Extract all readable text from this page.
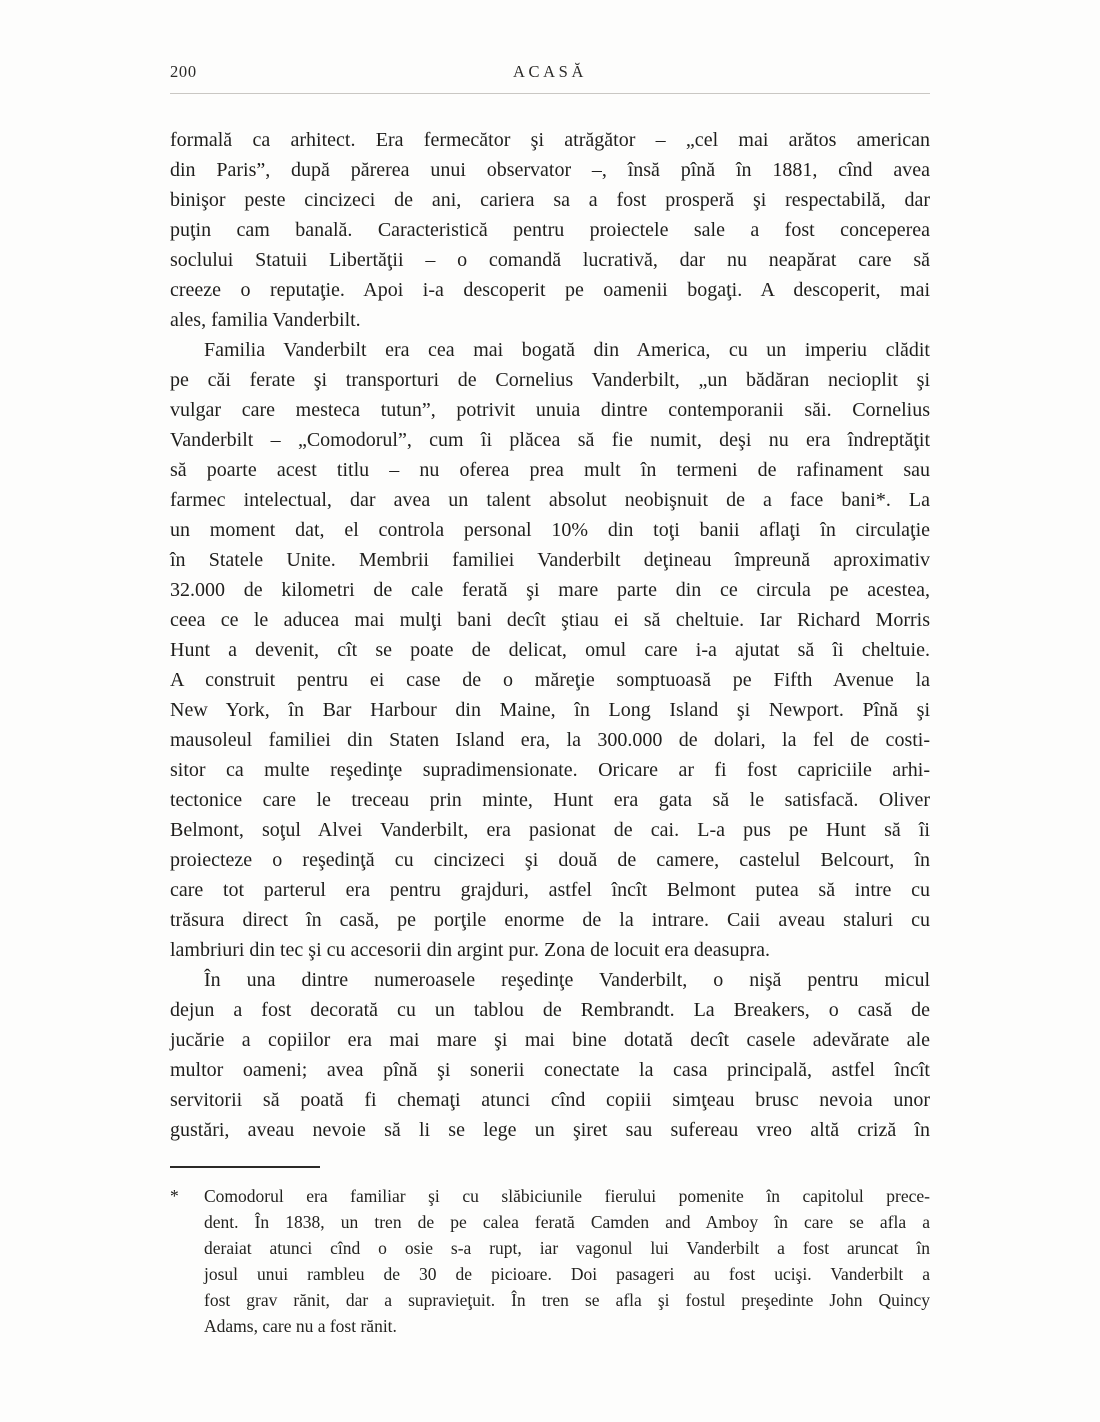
200	ACASĂ
formală ca arhitect. Era fermecător şi atrăgător – „cel mai arătos american
din Paris”, după părerea unui observator –, însă pînă în 1881, cînd avea
binişor peste cincizeci de ani, cariera sa a fost prosperă şi respectabilă, dar
puţin cam banală. Caracteristică pentru proiectele sale a fost conceperea
soclului Statuii Libertăţii – o comandă lucrativă, dar nu neapărat care să
creeze o reputaţie. Apoi i-a descoperit pe oamenii bogaţi. A descoperit, mai
ales, familia Vanderbilt.
Familia Vanderbilt era cea mai bogată din America, cu un imperiu clădit
pe căi ferate şi transporturi de Cornelius Vanderbilt, „un bădăran necioplit şi
vulgar care mesteca tutun”, potrivit unuia dintre contemporanii săi. Cornelius
Vanderbilt – „Comodorul”, cum îi plăcea să fie numit, deşi nu era îndreptăţit
să poarte acest titlu – nu oferea prea mult în termeni de rafinament sau
farmec intelectual, dar avea un talent absolut neobişnuit de a face bani*. La
un moment dat, el controla personal 10% din toţi banii aflaţi în circulaţie
în Statele Unite. Membrii familiei Vanderbilt deţineau împreună aproximativ
32.000 de kilometri de cale ferată şi mare parte din ce circula pe acestea,
ceea ce le aducea mai mulţi bani decît ştiau ei să cheltuie. Iar Richard Morris
Hunt a devenit, cît se poate de delicat, omul care i-a ajutat să îi cheltuie.
A construit pentru ei case de o măreţie somptuoasă pe Fifth Avenue la
New York, în Bar Harbour din Maine, în Long Island şi Newport. Pînă şi
mausoleul familiei din Staten Island era, la 300.000 de dolari, la fel de costi-
sitor ca multe reşedinţe supradimensionate. Oricare ar fi fost capriciile arhi-
tectonice care le treceau prin minte, Hunt era gata să le satisfacă. Oliver
Belmont, soţul Alvei Vanderbilt, era pasionat de cai. L-a pus pe Hunt să îi
proiecteze o reşedinţă cu cincizeci şi două de camere, castelul Belcourt, în
care tot parterul era pentru grajduri, astfel încît Belmont putea să intre cu
trăsura direct în casă, pe porţile enorme de la intrare. Caii aveau staluri cu
lambriuri din tec şi cu accesorii din argint pur. Zona de locuit era deasupra.
În una dintre numeroasele reşedinţe Vanderbilt, o nişă pentru micul
dejun a fost decorată cu un tablou de Rembrandt. La Breakers, o casă de
jucărie a copiilor era mai mare şi mai bine dotată decît casele adevărate ale
multor oameni; avea pînă şi sonerii conectate la casa principală, astfel încît
servitorii să poată fi chemaţi atunci cînd copiii simţeau brusc nevoia unor
gustări, aveau nevoie să li se lege un şiret sau sufereau vreo altă criză în
*	Comodorul era familiar şi cu slăbiciunile fierului pomenite în capitolul prece-
dent. În 1838, un tren de pe calea ferată Camden and Amboy în care se afla a
deraiat atunci cînd o osie s-a rupt, iar vagonul lui Vanderbilt a fost aruncat în
josul unui rambleu de 30 de picioare. Doi pasageri au fost ucişi. Vanderbilt a
fost grav rănit, dar a supravieţuit. În tren se afla şi fostul preşedinte John Quincy
Adams, care nu a fost rănit.
